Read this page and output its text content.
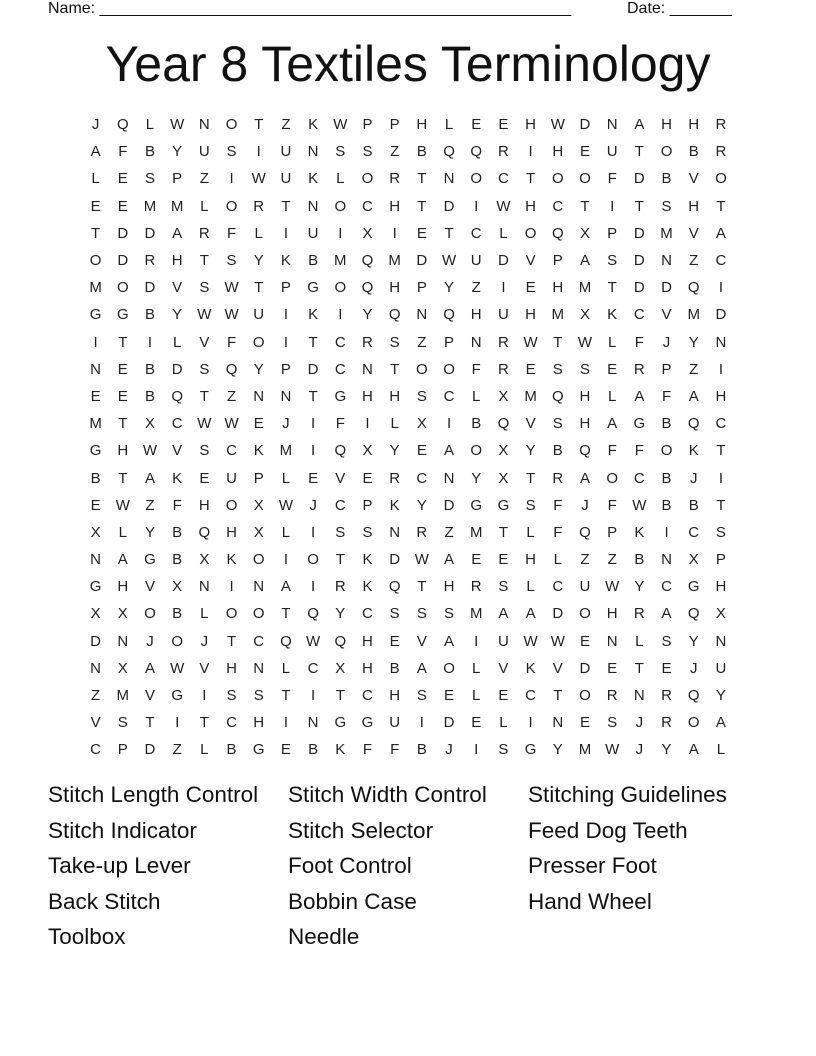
Name: _____________________________________________________	Date: _______
Year 8 Textiles Terminology
J	Q	L	W N	O	T	Z	K	W	P	P	H	L	E	E	H W D	N	A	H	H	R
A	F	B	Y	U	S	I	U	N	S	S	Z	B	Q	Q	R	I	H	E	U	T	O	B	R
L	E	S	P	Z	I	W U	K	L	O	R	T	N	O	C	T	O	O	F	D	B	V	O
E	E	M M	L	O	R	T	N	O	C	H	T	D	I	W H	C	T	I	T	S	H	T
T	D	D	A	R	F	L	I	U	I	X	I	E	T	C	L	O	Q	X	P	D	M	V	A
O	D	R	H	T	S	Y	K	B	M	Q	M	D W U	D	V	P	A	S	D	N	Z	C
M	O	D	V	S	W	T	P	G	O	Q	H	P	Y	Z	I	E	H	M	T	D	D	Q	I
G	G	B	Y	W W U	I	K	I	Y	Q	N	Q	H	U	H	M	X	K	C	V	M	D
I	T	I	L	V	F	O	I	T	C	R	S	Z	P	N	R W	T	W	L	F	J	Y	N
N	E	B	D	S	Q	Y	P	D	C	N	T	O	O	F	R	E	S	S	E	R	P	Z	I
E	E	B	Q	T	Z	N	N	T	G	H	H	S	C	L	X	M	Q	H	L	A	F	A	H
M	T	X	C W W	E	J	I	F	I	L	X	I	B	Q	V	S	H	A	G	B	Q	C
G	H W	V	S	C	K	M	I	Q	X	Y	E	A	O	X	Y	B	Q	F	F	O	K	T
B	T	A	K	E	U	P	L	E	V	E	R	C	N	Y	X	T	R	A	O	C	B	J	I
E	W	Z	F	H	O	X	W	J	C	P	K	Y	D	G	G	S	F	J	F	W	B	B	T
X	L	Y	B	Q	H	X	L	I	S	S	N	R	Z	M	T	L	F	Q	P	K	I	C	S
N	A	G	B	X	K	O	I	O	T	K	D W	A	E	E	H	L	Z	Z	B	N	X	P
G	H	V	X	N	I	N	A	I	R	K	Q	T	H	R	S	L	C	U W	Y	C	G	H
X	X	O	B	L	O	O	T	Q	Y	C	S	S	S	M	A	A	D	O	H	R	A	Q	X
D	N	J	O	J	T	C	Q W Q	H	E	V	A	I	U W W	E	N	L	S	Y	N
N	X	A	W	V	H	N	L	C	X	H	B	A	O	L	V	K	V	D	E	T	E	J	U
Z	M	V	G	I	S	S	T	I	T	C	H	S	E	L	E	C	T	O	R	N	R	Q	Y
V	S	T	I	T	C	H	I	N	G	G	U	I	D	E	L	I	N	E	S	J	R	O	A
C	P	D	Z	L	B	G	E	B	K	F	F	B	J	I	S	G	Y	M W	J	Y	A	L
Stitch Length Control	Stitch Width Control	Stitching Guidelines
Stitch Indicator	Stitch Selector	Feed Dog Teeth
Take-up Lever	Foot Control	Presser Foot
Back Stitch	Bobbin Case	Hand Wheel
Toolbox	Needle
